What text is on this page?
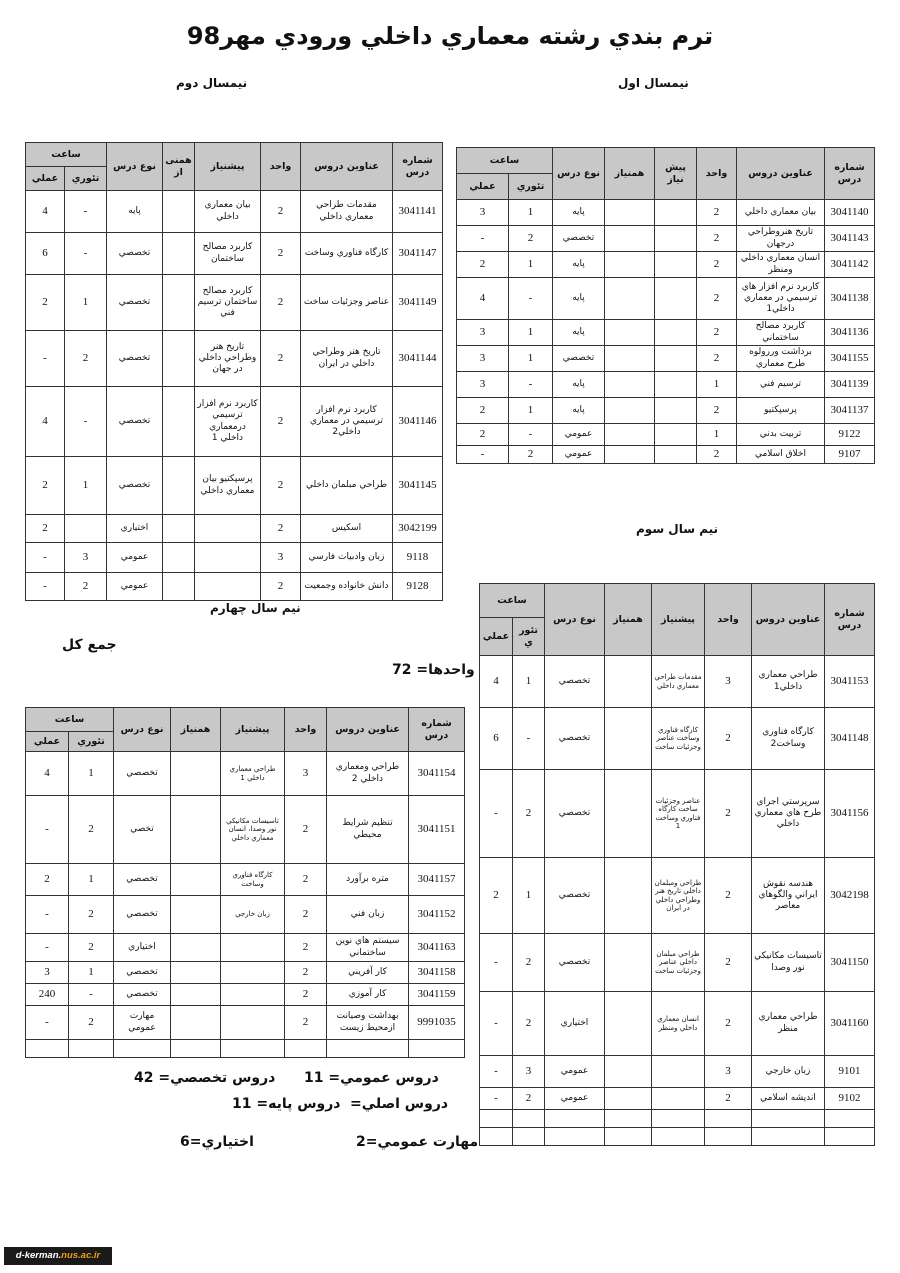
ترم بندي رشته معماري داخلي ورودي مهر98
نيمسال اول
نيمسال دوم
نيم سال سوم
نيم سال چهارم
شماره درس	عناوين دروس	واحد	پيش نياز	همنياز	نوع درس	ساعت	
						تئوري	عملي
3041140	بيان معماري داخلي	2			پايه	1	3
3041143	تاريخ هنروطراحي درجهان	2			تخصصي	2	-
3041142	انسان معماري داخلي ومنظر	2			پايه	1	2
3041138	کاربرد نرم افزار هاي ترسيمي در معماري داخلي1	2			پايه	-	4
3041136	کاربرد مصالح ساختماني	2			پايه	1	3
3041155	برداشت وررولوه طرح معماري	2			تخصصي	1	3
3041139	ترسيم فني	1			پايه	-	3
3041137	پرسپکتيو	2			پايه	1	2
9122	تربيت بدني	1			عمومي	-	2
9107	اخلاق اسلامي	2			عمومي	2	-
شماره درس	عناوين دروس	واحد	پيشنياز	همنی از	نوع درس	ساعت	
						تئوري	عملي
3041141	مقدمات طراحي معماري داخلي	2	بيان معماري داخلي		پايه	-	4
3041147	کارگاه فناوري وساخت	2	کاربرد مصالح ساختمان		تخصصي	-	6
3041149	عناصر وجزئيات ساخت	2	کاربرد مصالح ساختمان ترسيم فني		تخصصي	1	2
3041144	تاريخ هنر وطراحي داخلي در ايران	2	تاريخ هنر وطراحي داخلي در جهان		تخصصي	2	-
3041146	کاربرد نرم افزار ترسيمي در معماري داخلي2	2	کاربرد نرم افزار ترسيمي درمعماري داخلي 1		تخصصي	-	4
3041145	طراحي مبلمان داخلي	2	پرسپکتيو بيان معماري داخلي		تخصصي	1	2
3042199	اسکيس	2			اختياري		2
9118	زبان وادبيات فارسي	3			عمومي	3	-
9128	دانش خانواده وجمعيت	2			عمومي	2	-
شماره درس	عناوين دروس	واحد	پيشنياز	همنياز	نوع درس	ساعت	
						تئوري	عملي
3041153	طراحي معماري داخلي1	3	مقدمات طراحي معماري داخلي		تخصصي	1	4
3041148	کارگاه فناوري وساخت2	2	کارگاه فناوري وساخت عناصر وجزئيات ساخت		تخصصي	-	6
3041156	سرپرستي اجراي طرح هاي معماري داخلي	2	عناصر وجزئيات ساخت کارگاه فناوري وساخت 1		تخصصي	2	-
3042198	هندسه نقوش ايراني والگوهاي معاصر	2	طراحي ومبلمان داخلي تاريخ هنر وطراحي داخلي در ايران		تخصصي	1	2
3041150	تاسيسات مکانيکي نور وصدا	2	طراحي مبلمان داخلي عناصر وجزئيات ساخت		تخصصي	2	-
3041160	طراحي معماري منظر	2	انسان معماري داخلي ومنظر		اختياري	2	-
9101	زبان خارجي	3			عمومي	3	-
9102	انديشه اسلامي	2			عمومي	2	-

شماره درس	عناوين دروس	واحد	پيشنياز	همنياز	نوع درس	ساعت	
						تئوري	عملي
3041154	طراحي ومعماري داخلي 2	3	طراحي معماري داخلي 1		تخصصي	1	4
3041151	تنظيم شرايط محيطي	2	تاسيسات مکانيکي نور وصدا، انسان معماري داخلي		تخصي	2	-
3041157	متره برآورد	2	کارگاه فناوري وساخت		تخصصي	1	2
3041152	زبان فني	2	زبان خارجي		تخصصي	2	-
3041163	سيستم هاي نوين ساختماني	2			اختياري	2	-
3041158	کار آفريني	2			تخصصي	1	3
3041159	کار آموزي	2			تخصصي	-	240
9991035	بهداشت وصيانت ازمحيط زيست	2			مهارت عمومي	2	-

جمع کل
واحدها= 72
دروس تخصصي= 42 دروس عمومي= 11
دروس پايه= 11 دروس اصلي=
اختياري=6	مهارت عمومي=2
d-kerman.nus.ac.ir
